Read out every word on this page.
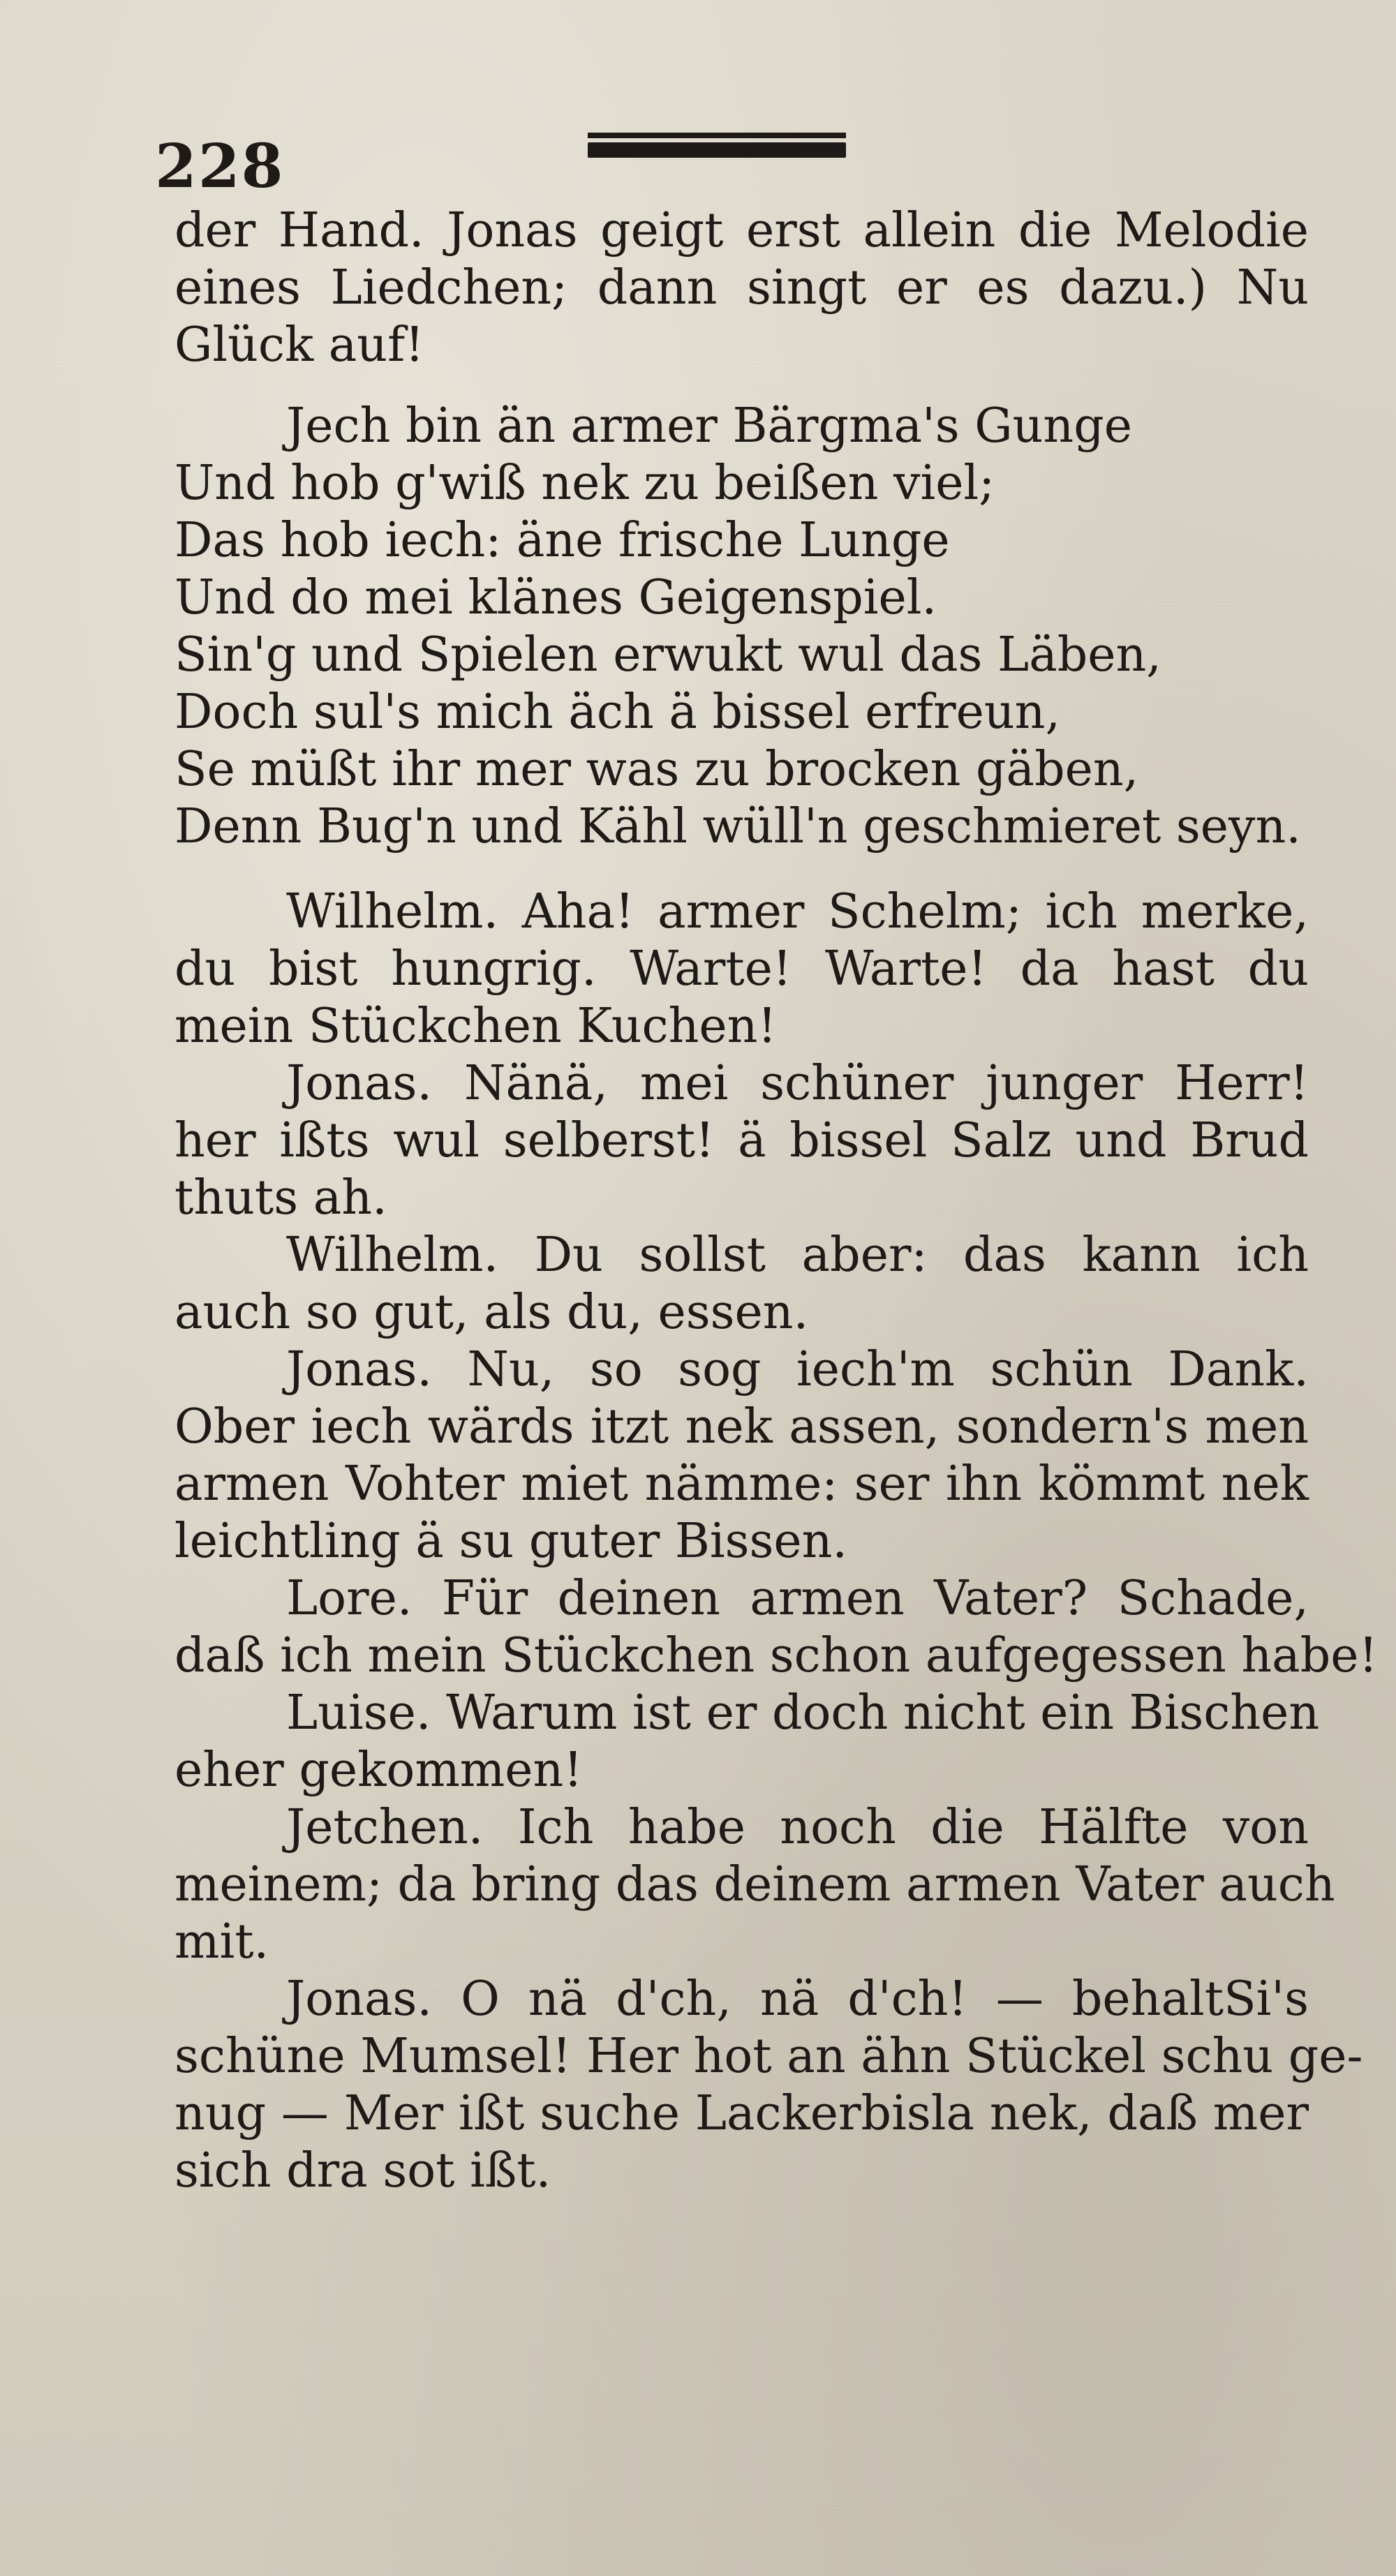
228
der Hand. Jonas geigt erst allein die Melodie
eines Liedchen; dann singt er es dazu.) Nu
Glück auf!
Jech bin än armer Bärgma's Gunge
Und hob g'wiß nek zu beißen viel;
Das hob iech: äne frische Lunge
Und do mei klänes Geigenspiel.
Sin'g und Spielen erwukt wul das Läben,
Doch sul's mich äch ä bissel erfreun,
Se müßt ihr mer was zu brocken gäben,
Denn Bug'n und Kähl wüll'n geschmieret seyn.
Wilhelm. Aha! armer Schelm; ich merke,
du bist hungrig. Warte! Warte! da hast du
mein Stückchen Kuchen!
Jonas. Nänä, mei schüner junger Herr!
her ißts wul selberst! ä bissel Salz und Brud
thuts ah.
Wilhelm. Du sollst aber: das kann ich
auch so gut, als du, essen.
Jonas. Nu, so sog iech'm schün Dank.
Ober iech wärds itzt nek assen, sondern's men
armen Vohter miet nämme: ser ihn kömmt nek
leichtling ä su guter Bissen.
Lore. Für deinen armen Vater? Schade,
daß ich mein Stückchen schon aufgegessen habe!
Luise. Warum ist er doch nicht ein Bischen
eher gekommen!
Jetchen. Ich habe noch die Hälfte von
meinem; da bring das deinem armen Vater auch
mit.
Jonas. O nä d'ch, nä d'ch! — behaltSi's
schüne Mumsel! Her hot an ähn Stückel schu ge-
nug — Mer ißt suche Lackerbisla nek, daß mer
sich dra sot ißt.
